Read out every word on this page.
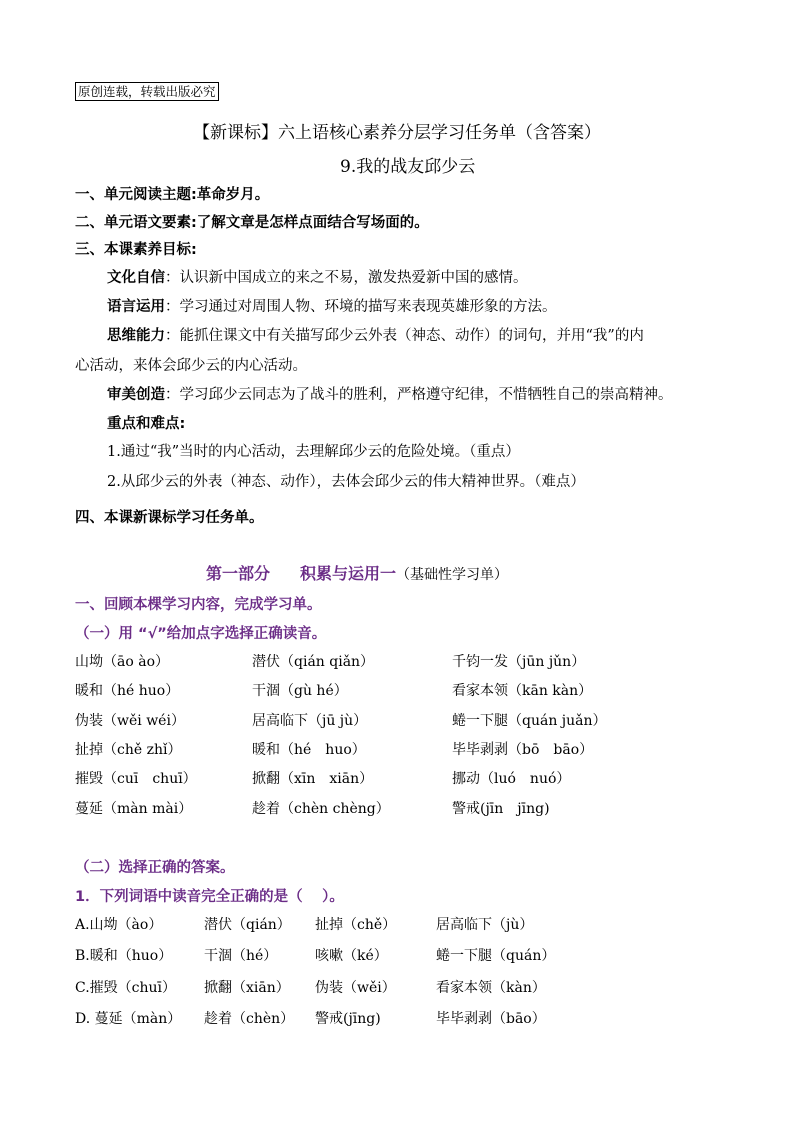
原创连载，转载出版必究
【新课标】六上语核心素养分层学习任务单（含答案）
9.我的战友邱少云
一、单元阅读主题:革命岁月。
二、单元语文要素:了解文章是怎样点面结合写场面的。
三、本课素养目标:
文化自信：认识新中国成立的来之不易，激发热爱新中国的感情。
语言运用：学习通过对周围人物、环境的描写来表现英雄形象的方法。
思维能力：能抓住课文中有关描写邱少云外表（神态、动作）的词句，并用“我”的内
心活动，来体会邱少云的内心活动。
审美创造：学习邱少云同志为了战斗的胜利，严格遵守纪律，不惜牺牲自己的崇高精神。
重点和难点:
1.通过“我”当时的内心活动，去理解邱少云的危险处境。（重点）
2.从邱少云的外表（神态、动作），去体会邱少云的伟大精神世界。（难点）
四、本课新课标学习任务单。
第一部分 积累与运用一（基础性学习单）
一、回顾本棵学习内容，完成学习单。
（一）用 “√”给加点字选择正确读音。
山坳（āo ào）	潜伏（qián qiǎn）	千钧一发（jūn jǔn）
暖和（hé huo）	干涸（gù hé）	看家本领（kān kàn）
伪装（wěi wéi）	居高临下（jū jù）	蜷一下腿（quán juǎn）
扯掉（chě zhǐ）	暖和（hé　huo）	毕毕剥剥（bō　bāo）
摧毁（cuī　chuī）	掀翻（xīn　xiān）	挪动（luó　nuó）
蔓延（màn mài）	趁着（chèn chèng）	警戒(jīn　jīng)
（二）选择正确的答案。
1．下列词语中读音完全正确的是（　 ）。
A.山坳（ào）	潜伏（qián） 扯掉（chě）	居高临下（jù）
B.暖和（huo） 干涸（hé）	咳嗽（ké）	蜷一下腿（quán）
C.摧毁（chuī） 掀翻（xiān） 伪装（wěi）	看家本领（kàn）
D. 蔓延（màn） 趁着（chèn） 警戒(jīng)	毕毕剥剥（bāo）
